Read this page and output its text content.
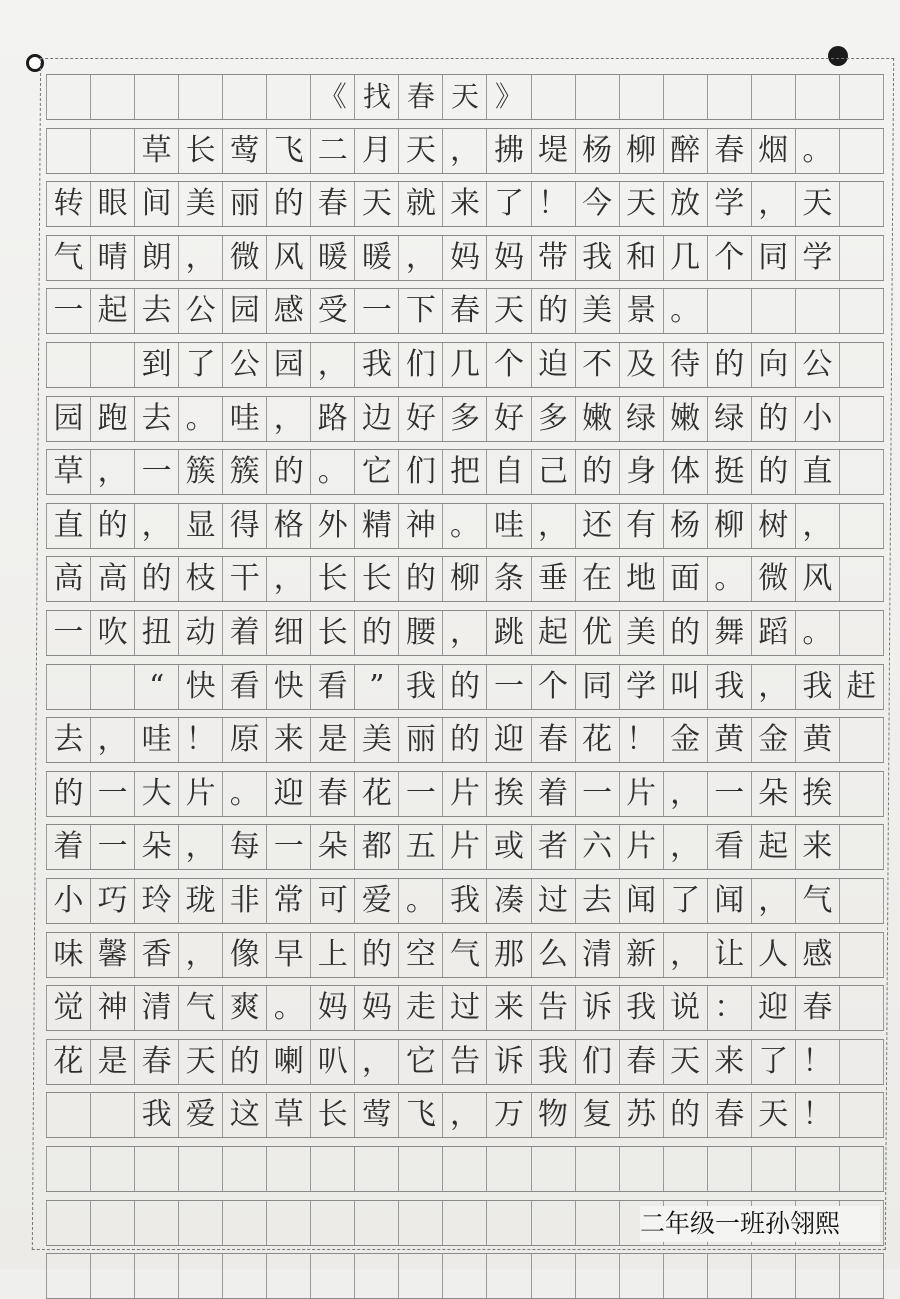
《 找 春 天 》
草 长 莺 飞 二 月 天 ， 拂 堤 杨 柳 醉 春 烟 。
转 眼 间 美 丽 的 春 天 就 来 了 ！ 今 天 放 学 ， 天
气 晴 朗 ， 微 风 暖 暖 ， 妈 妈 带 我 和 几 个 同 学
一 起 去 公 园 感 受 一 下 春 天 的 美 景 。
到 了 公 园 ， 我 们 几 个 迫 不 及 待 的 向 公
园 跑 去 。 哇 ， 路 边 好 多 好 多 嫩 绿 嫩 绿 的 小
草 ， 一 簇 簇 的 。 它 们 把 自 己 的 身 体 挺 的 直
直 的 ， 显 得 格 外 精 神 。 哇 ， 还 有 杨 柳 树 ，
高 高 的 枝 干 ， 长 长 的 柳 条 垂 在 地 面 。 微 风
一 吹 扭 动 着 细 长 的 腰 ， 跳 起 优 美 的 舞 蹈 。
“ 快 看 快 看 ” 我 的 一 个 同 学 叫 我 ， 我 赶
去 ， 哇 ！ 原 来 是 美 丽 的 迎 春 花 ！ 金 黄 金 黄
的 一 大 片 。 迎 春 花 一 片 挨 着 一 片 ， 一 朵 挨
着 一 朵 ， 每 一 朵 都 五 片 或 者 六 片 ， 看 起 来
小 巧 玲 珑 非 常 可 爱 。 我 凑 过 去 闻 了 闻 ， 气
味 馨 香 ， 像 早 上 的 空 气 那 么 清 新 ， 让 人 感
觉 神 清 气 爽 。 妈 妈 走 过 来 告 诉 我 说 ： 迎 春
花 是 春 天 的 喇 叭 ， 它 告 诉 我 们 春 天 来 了 ！
我 爱 这 草 长 莺 飞 ， 万 物 复 苏 的 春 天 ！
二年级一班孙翎熙
